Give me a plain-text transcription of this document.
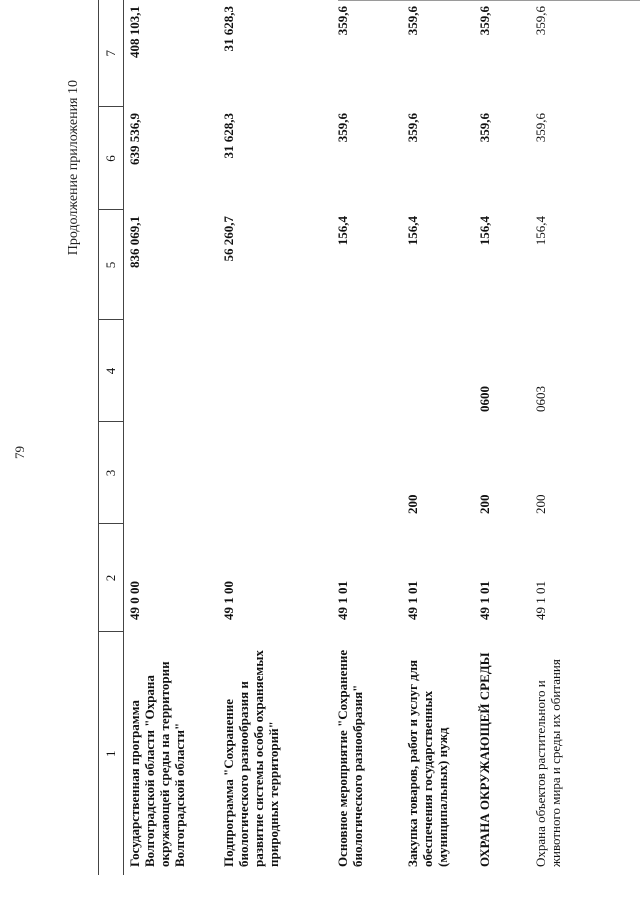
79
Продолжение приложения 10
1	2	3	4	5	6	7
Государственная программа Волгоградской области "Охрана окружающей среды на территории Волгоградской области"	49 0 00			836 069,1	639 536,9	408 103,1
Подпрограмма "Сохранение биологического разнообразия и развитие системы особо охраняемых природных территорий"	49 1 00			56 260,7	31 628,3	31 628,3
Основное мероприятие "Сохранение биологического разнообразия"	49 1 01			156,4	359,6	359,6
Закупка товаров, работ и услуг для обеспечения государственных (муниципальных) нужд	49 1 01	200		156,4	359,6	359,6
ОХРАНА ОКРУЖАЮЩЕЙ СРЕДЫ	49 1 01	200	0600	156,4	359,6	359,6
Охрана объектов растительного и животного мира и среды их обитания	49 1 01	200	0603	156,4	359,6	359,6
